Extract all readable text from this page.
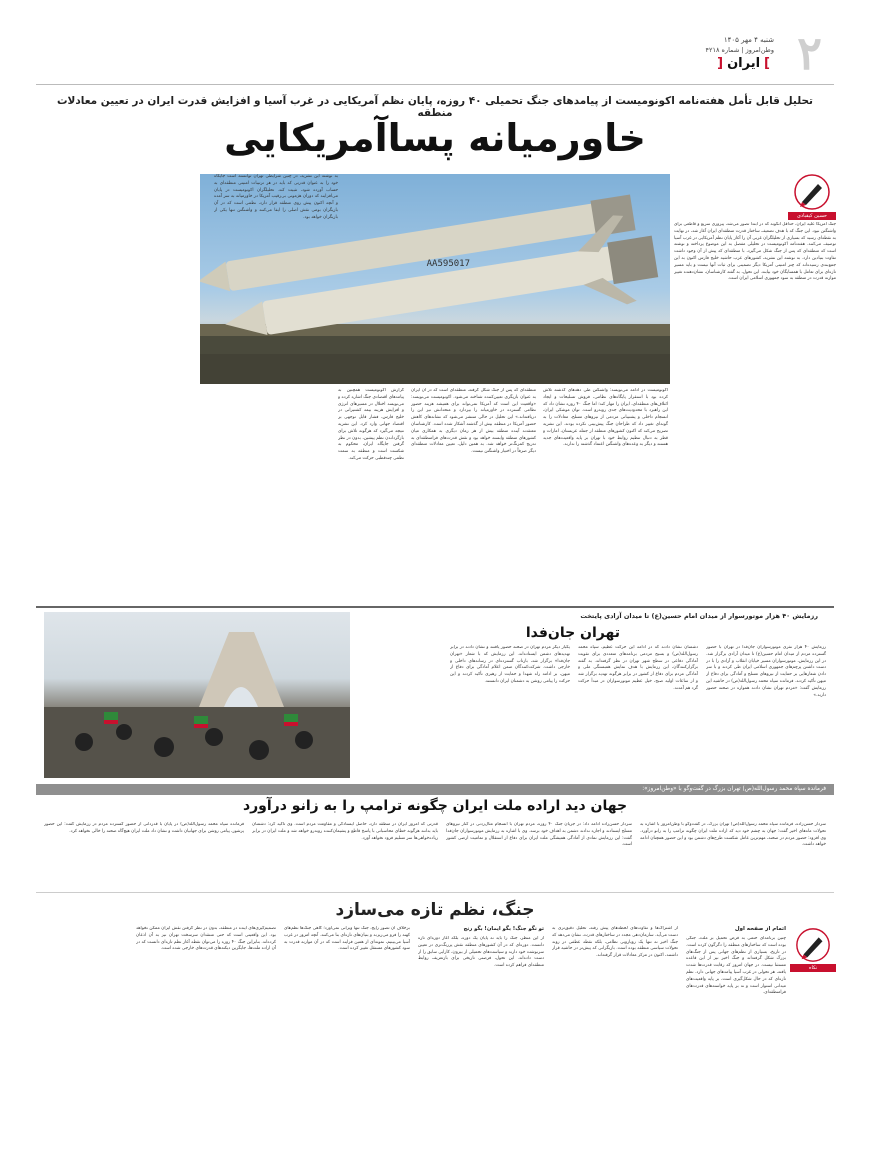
۲
شنبه ۴ مهر ۱۴۰۵
وطن‌امروز | شماره ۴۲۱۸
]ایران[
تحلیل قابل تأمل هفته‌نامه اکونومیست از پیامدهای جنگ تحمیلی ۴۰ روزه، پایان نظم آمریکایی در غرب آسیا و افزایش قدرت ایران در تعیین معادلات منطقه
خاورمیانه پساآمریکایی
حسین کیقبادی
جنگ آمریکا علیه ایران، حداقل آنگونه که در ابتدا تصور می‌شد، پیروزی سریع و قاطعی برای واشنگتن نبود. این جنگ که با هدف تضعیف ساختار قدرت منطقه‌ای ایران آغاز شد، در نهایت به نقطه‌ای رسید که بسیاری از تحلیلگران غربی آن را آغاز پایان نظم آمریکایی در غرب آسیا توصیف می‌کنند. هفته‌نامه اکونومیست در تحلیلی مفصل به این موضوع پرداخته و نوشته است که منطقه‌ای که پس از جنگ شکل می‌گیرد، با منطقه‌ای که پیش از آن وجود داشت تفاوت بنیادین دارد. به نوشته این نشریه، کشورهای عرب حاشیه خلیج فارس اکنون به این جمع‌بندی رسیده‌اند که چتر امنیتی آمریکا دیگر تضمینی برای ثبات آنها نیست و باید مسیر تازه‌ای برای تعامل با همسایگان خود بیابند. این تحول، به گفته کارشناسان، نشان‌دهنده تغییر موازنه قدرت در منطقه به سود جمهوری اسلامی ایران است.
AA595017
به نوشته این نشریه، در چنین شرایطی تهران توانسته است جایگاه خود را به عنوان قدرتی که باید در هر ترتیبات امنیتی منطقه‌ای به حساب آورده شود، تثبیت کند. تحلیلگران اکونومیست در پایان می‌افزایند که دوران هژمونی بی‌رقیب آمریکا در خاورمیانه به سر آمده و آنچه اکنون پیش روی منطقه قرار دارد، نظمی است که در آن بازیگران بومی نقش اصلی را ایفا می‌کنند و واشنگتن تنها یکی از بازیگران خواهد بود.
اکونومیست در ادامه می‌نویسد: واشنگتن طی دهه‌های گذشته تلاش کرده بود با استقرار پایگاه‌های نظامی، فروش تسلیحات و ایجاد ائتلاف‌های منطقه‌ای، ایران را مهار کند؛ اما جنگ ۴۰ روزه نشان داد که این راهبرد با محدودیت‌های جدی روبه‌رو است. توان موشکی ایران، انسجام داخلی و پشتیبانی مردمی از نیروهای مسلح، معادلات را به گونه‌ای تغییر داد که طراحان جنگ پیش‌بینی نکرده بودند. این نشریه تصریح می‌کند که اکنون کشورهای منطقه از جمله عربستان، امارات و قطر به دنبال تنظیم روابط خود با تهران بر پایه واقعیت‌های جدید هستند و دیگر به وعده‌های واشنگتن اعتماد گذشته را ندارند.
منطقه‌ای که پس از جنگ شکل گرفته، منطقه‌ای است که در آن ایران به عنوان بازیگری تعیین‌کننده شناخته می‌شود. اکونومیست می‌نویسد: «واقعیت این است که آمریکا نمی‌تواند برای همیشه هزینه حضور نظامی گسترده در خاورمیانه را بپردازد و متحدانش نیز این را دریافته‌اند.» این تحلیل در حالی منتشر می‌شود که نشانه‌های کاهش حضور آمریکا در منطقه بیش از گذشته آشکار شده است. کارشناسان معتقدند آینده منطقه بیش از هر زمان دیگری به همکاری میان کشورهای منطقه وابسته خواهد بود و نقش قدرت‌های فرامنطقه‌ای به تدریج کمرنگ‌تر خواهد شد. به همین دلیل، تعیین معادلات منطقه‌ای دیگر صرفاً در اختیار واشنگتن نیست.
گزارش اکونومیست همچنین به پیامدهای اقتصادی جنگ اشاره کرده و می‌نویسد اختلال در مسیرهای انرژی و افزایش هزینه بیمه کشتیرانی در خلیج فارس، فشار قابل توجهی بر اقتصاد جهانی وارد کرد. این نشریه نتیجه می‌گیرد که هرگونه تلاش برای بازگرداندن نظم پیشین، بدون در نظر گرفتن جایگاه ایران، محکوم به شکست است و منطقه به سمت نظمی چندقطبی حرکت می‌کند.
رزمایش ۴۰ هزار موتورسوار از میدان امام حسین(ع) تا میدان آزادی پایتخت
تهران جان‌فدا
رزمایش ۴۰ هزار نفری موتورسواران جان‌فدا در تهران با حضور گسترده مردم از میدان امام حسین(ع) تا میدان آزادی برگزار شد. در این رزمایش، موتورسواران مسیر خیابان انقلاب و آزادی را با در دست داشتن پرچم‌های جمهوری اسلامی ایران طی کردند و با سر دادن شعارهایی بر حمایت از نیروهای مسلح و آمادگی برای دفاع از میهن تأکید کردند. فرمانده سپاه محمد رسول‌الله(ص) در حاشیه این رزمایش گفت: «مردم تهران نشان دادند همواره در صحنه حضور دارند.»
دشمنان نشان دادند که در ادامه این حرکت عظیم، سپاه محمد رسول‌الله(ص) و بسیج مردمی برنامه‌های متعددی برای تقویت آمادگی دفاعی در سطح شهر تهران در نظر گرفته‌اند. به گفته برگزارکنندگان، این رزمایش با هدف نمایش همبستگی ملی و آمادگی مردم برای دفاع از کشور در برابر هرگونه تهدید برگزار شد و از ساعات اولیه صبح، خیل عظیم موتورسواران در مبدأ حرکت گرد هم آمدند.
یکبار دیگر مردم تهران در صحنه حضور یافتند و نشان دادند در برابر تهدیدهای دشمن ایستاده‌اند. این رزمایش که با شعار «تهران جان‌فدا» برگزار شد، بازتاب گسترده‌ای در رسانه‌های داخلی و خارجی داشت. شرکت‌کنندگان ضمن اعلام آمادگی برای دفاع از میهن، بر ادامه راه شهدا و حمایت از رهبری تأکید کردند و این حرکت را پیامی روشن به دشمنان ایران دانستند.
فرمانده سپاه محمد رسول‌الله(ص) تهران بزرگ در گفت‌وگو با «وطن‌امروز»:
جهان دید اراده ملت ایران چگونه ترامپ را به زانو درآورد
سردار حسن‌زاده، فرمانده سپاه محمد رسول‌الله(ص) تهران بزرگ، در گفت‌وگو با وطن‌امروز با اشاره به تحولات ماه‌های اخیر گفت: جهان به چشم خود دید که اراده ملت ایران چگونه ترامپ را به زانو درآورد. وی افزود: حضور مردم در صحنه، مهم‌ترین عامل شکست طرح‌های دشمن بود و این حضور همچنان ادامه خواهد داشت.
سردار حسن‌زاده ادامه داد: در جریان جنگ ۴۰ روزه، مردم تهران با انسجام مثال‌زدنی در کنار نیروهای مسلح ایستادند و اجازه ندادند دشمن به اهداف خود برسد. وی با اشاره به رزمایش موتورسواران جان‌فدا گفت: این رزمایش نمادی از آمادگی همیشگی ملت ایران برای دفاع از استقلال و تمامیت ارضی کشور است.
قدرتی که امروز ایران در منطقه دارد، حاصل ایستادگی و مقاومت مردم است. وی تأکید کرد: دشمنان باید بدانند هرگونه خطای محاسباتی با پاسخ قاطع و پشیمان‌کننده روبه‌رو خواهد شد و ملت ایران در برابر زیاده‌خواهی‌ها سر تسلیم فرود نخواهد آورد.
فرمانده سپاه محمد رسول‌الله(ص) در پایان با قدردانی از حضور گسترده مردم در رزمایش گفت: این حضور پرشور، پیامی روشن برای جهانیان داشت و نشان داد ملت ایران هیچ‌گاه صحنه را خالی نخواهد کرد.
جنگ، نظم تازه می‌سازد
نکاه
اتمام از صفحه اول
چنین برنامه‌ای حتمی به فرض تحمیل بر ملت، جنگی بوده است که ساختار‌های منطقه را دگرگون کرده است. در تاریخ، بسیاری از نظم‌های جهانی پس از جنگ‌های بزرگ شکل گرفته‌اند و جنگ اخیر نیز از این قاعده مستثنا نیست. در جهان امروز که رقابت قدرت‌ها شدت یافته، هر تحولی در غرب آسیا پیامدهای جهانی دارد. نظم تازه‌ای که در حال شکل‌گیری است، بر پایه واقعیت‌های میدانی استوار است و نه بر پایه خواسته‌های قدرت‌های فرامنطقه‌ای.
از اشتراک‌ها و تفاوت‌های لحظه‌های پیش رفته، تحلیل دقیق‌تری به دست می‌آید. سازمان‌دهی مجدد در ساختارهای قدرت، نشان می‌دهد که جنگ اخیر نه تنها یک رویارویی نظامی، بلکه نقطه عطفی در روند تحولات سیاسی منطقه بوده است. بازیگرانی که پیش‌تر در حاشیه قرار داشتند، اکنون در مرکز معادلات قرار گرفته‌اند.
تو نگو جنگ! بگو ایمان! بگو رنج
از این منظر، جنگ را باید نه پایان یک دوره، بلکه آغاز دوره‌ای تازه دانست. دوره‌ای که در آن کشورهای منطقه نقش پررنگ‌تری در تعیین سرنوشت خود دارند و سیاست‌های تحمیلی از بیرون، کارایی سابق را از دست داده‌اند. این تحول، فرصتی تاریخی برای بازتعریف روابط منطقه‌ای فراهم کرده است.
برخلاف آن تصور رایج، جنگ تنها ویرانی نمی‌آورد؛ گاهی جنگ‌ها نظم‌های کهنه را فرو می‌ریزند و بنیان‌های تازه‌ای بنا می‌کنند. آنچه امروز در غرب آسیا می‌بینیم، نمونه‌ای از همین فرایند است که در آن موازنه قدرت به سود کشورهای مستقل تغییر کرده است.
تصمیم‌گیری‌های آینده در منطقه، بدون در نظر گرفتن نقش ایران ممکن نخواهد بود. این واقعیتی است که حتی منتقدان سرسخت تهران نیز به آن اذعان کرده‌اند. بنابراین جنگ ۴۰ روزه را می‌توان نقطه آغاز نظم تازه‌ای دانست که در آن اراده ملت‌ها، جایگزین دیکته‌های قدرت‌های خارجی شده است.
